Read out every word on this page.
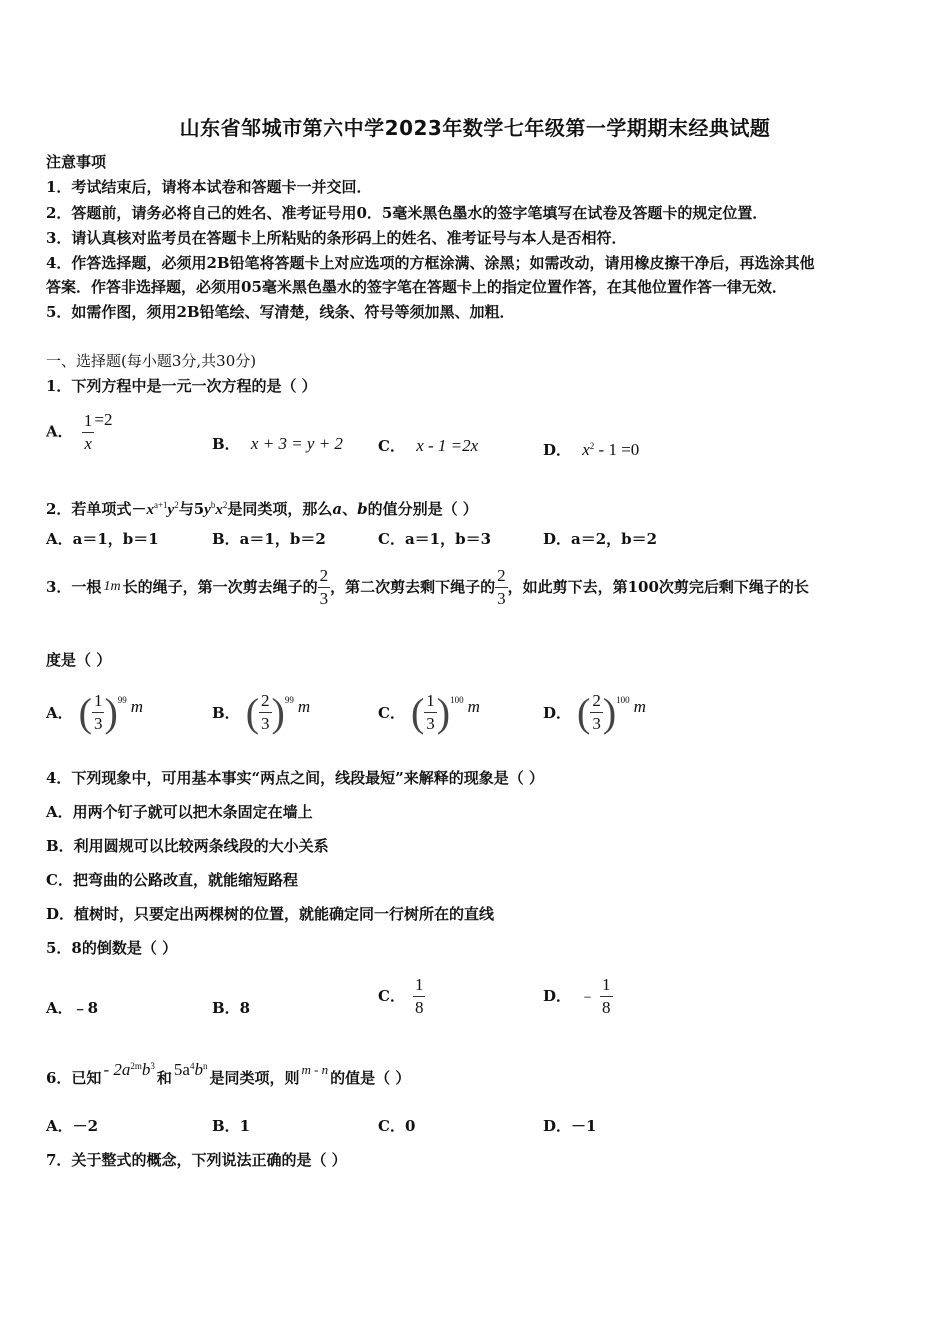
山东省邹城市第六中学2023年数学七年级第一学期期末经典试题
注意事项
1．考试结束后，请将本试卷和答题卡一并交回．
2．答题前，请务必将自己的姓名、准考证号用0．5毫米黑色墨水的签字笔填写在试卷及答题卡的规定位置．
3．请认真核对监考员在答题卡上所粘贴的条形码上的姓名、准考证号与本人是否相符．
4．作答选择题，必须用2B铅笔将答题卡上对应选项的方框涂满、涂黑；如需改动，请用橡皮擦干净后，再选涂其他
答案．作答非选择题，必须用05毫米黑色墨水的签字笔在答题卡上的指定位置作答，在其他位置作答一律无效．
5．如需作图，须用2B铅笔绘、写清楚，线条、符号等须加黑、加粗．
一、选择题(每小题3分,共30分)
1．下列方程中是一元一次方程的是（ ）
A． $\frac{1}{x} =2$
B． x + 3 = y + 2 C． x - 1 =2x	D． $x^2 - 1 =0$
2．若单项式$-x^{a+1}y^2$与$5y^bx^2$是同类项，那么a、b的值分别是（ ）
A．a＝1，b＝1	B．a＝1，b＝2	C．a＝1，b＝3	D．a＝2，b＝2
3．一根 1m 长的绳子，第一次剪去绳子的 $\frac{2}{3}$ ，第二次剪去剩下绳子的 $\frac{2}{3}$ ，如此剪下去，第100次剪完后剩下绳子的长
度是（ ）
A． ( $\frac{1}{3}$ ) 99 m	B． ( $\frac{2}{3}$ ) 99 m	C． ( $\frac{1}{3}$ ) 100 m	D． ( $\frac{2}{3}$ ) 100 m
4．下列现象中，可用基本事实“两点之间，线段最短”来解释的现象是（ ）
A．用两个钉子就可以把木条固定在墙上
B．利用圆规可以比较两条线段的大小关系
C．把弯曲的公路改直，就能缩短路程
D．植树时，只要定出两棵树的位置，就能确定同一行树所在的直线
5．8的倒数是（ ）
A．﹣8	B．8
C． $\frac{1}{8}$	D． ﹣ $\frac{1}{8}$
6．已知 - $2a^{2m}b^3$
和 $5a^4b^n$
是同类项，则 m - n 的值是（ ）
A．－2	B．1	C．0	D．－1
7．关于整式的概念，下列说法正确的是（ ）
